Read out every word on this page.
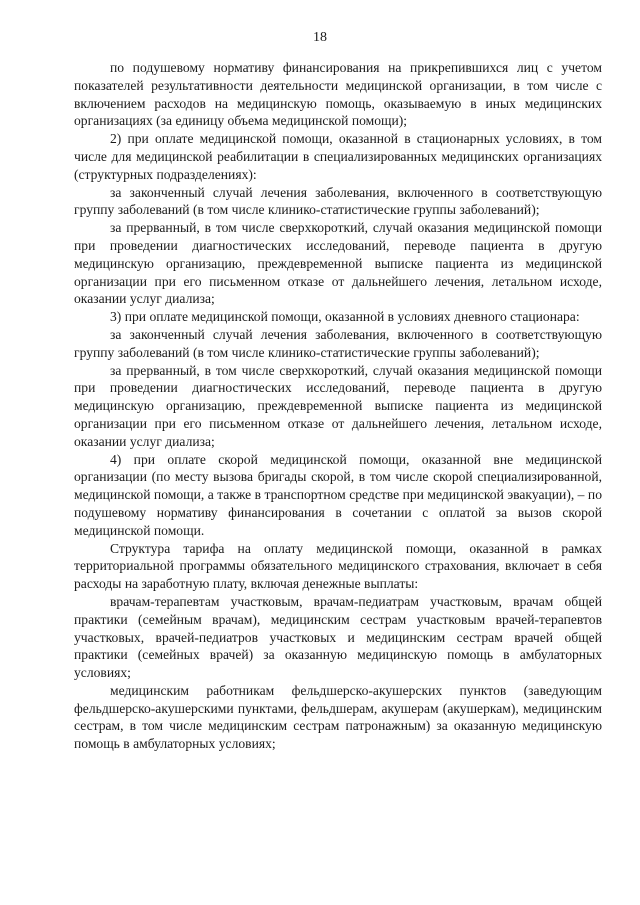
18

по подушевому нормативу финансирования на прикрепившихся лиц с учетом показателей результативности деятельности медицинской организации, в том числе с включением расходов на медицинскую помощь, оказываемую в иных медицинских организациях (за единицу объема медицинской помощи);

2) при оплате медицинской помощи, оказанной в стационарных условиях, в том числе для медицинской реабилитации в специализированных медицинских организациях (структурных подразделениях):

за законченный случай лечения заболевания, включенного в соответствующую группу заболеваний (в том числе клинико-статистические группы заболеваний);

за прерванный, в том числе сверхкороткий, случай оказания медицинской помощи при проведении диагностических исследований, переводе пациента в другую медицинскую организацию, преждевременной выписке пациента из медицинской организации при его письменном отказе от дальнейшего лечения, летальном исходе, оказании услуг диализа;

3) при оплате медицинской помощи, оказанной в условиях дневного стационара:

за законченный случай лечения заболевания, включенного в соответствующую группу заболеваний (в том числе клинико-статистические группы заболеваний);

за прерванный, в том числе сверхкороткий, случай оказания медицинской помощи при проведении диагностических исследований, переводе пациента в другую медицинскую организацию, преждевременной выписке пациента из медицинской организации при его письменном отказе от дальнейшего лечения, летальном исходе, оказании услуг диализа;

4) при оплате скорой медицинской помощи, оказанной вне медицинской организации (по месту вызова бригады скорой, в том числе скорой специализированной, медицинской помощи, а также в транспортном средстве при медицинской эвакуации), – по подушевому нормативу финансирования в сочетании с оплатой за вызов скорой медицинской помощи.

Структура тарифа на оплату медицинской помощи, оказанной в рамках территориальной программы обязательного медицинского страхования, включает в себя расходы на заработную плату, включая денежные выплаты:

врачам-терапевтам участковым, врачам-педиатрам участковым, врачам общей практики (семейным врачам), медицинским сестрам участковым врачей-терапевтов участковых, врачей-педиатров участковых и медицинским сестрам врачей общей практики (семейных врачей) за оказанную медицинскую помощь в амбулаторных условиях;

медицинским работникам фельдшерско-акушерских пунктов (заведующим фельдшерско-акушерскими пунктами, фельдшерам, акушерам (акушеркам), медицинским сестрам, в том числе медицинским сестрам патронажным) за оказанную медицинскую помощь в амбулаторных условиях;
